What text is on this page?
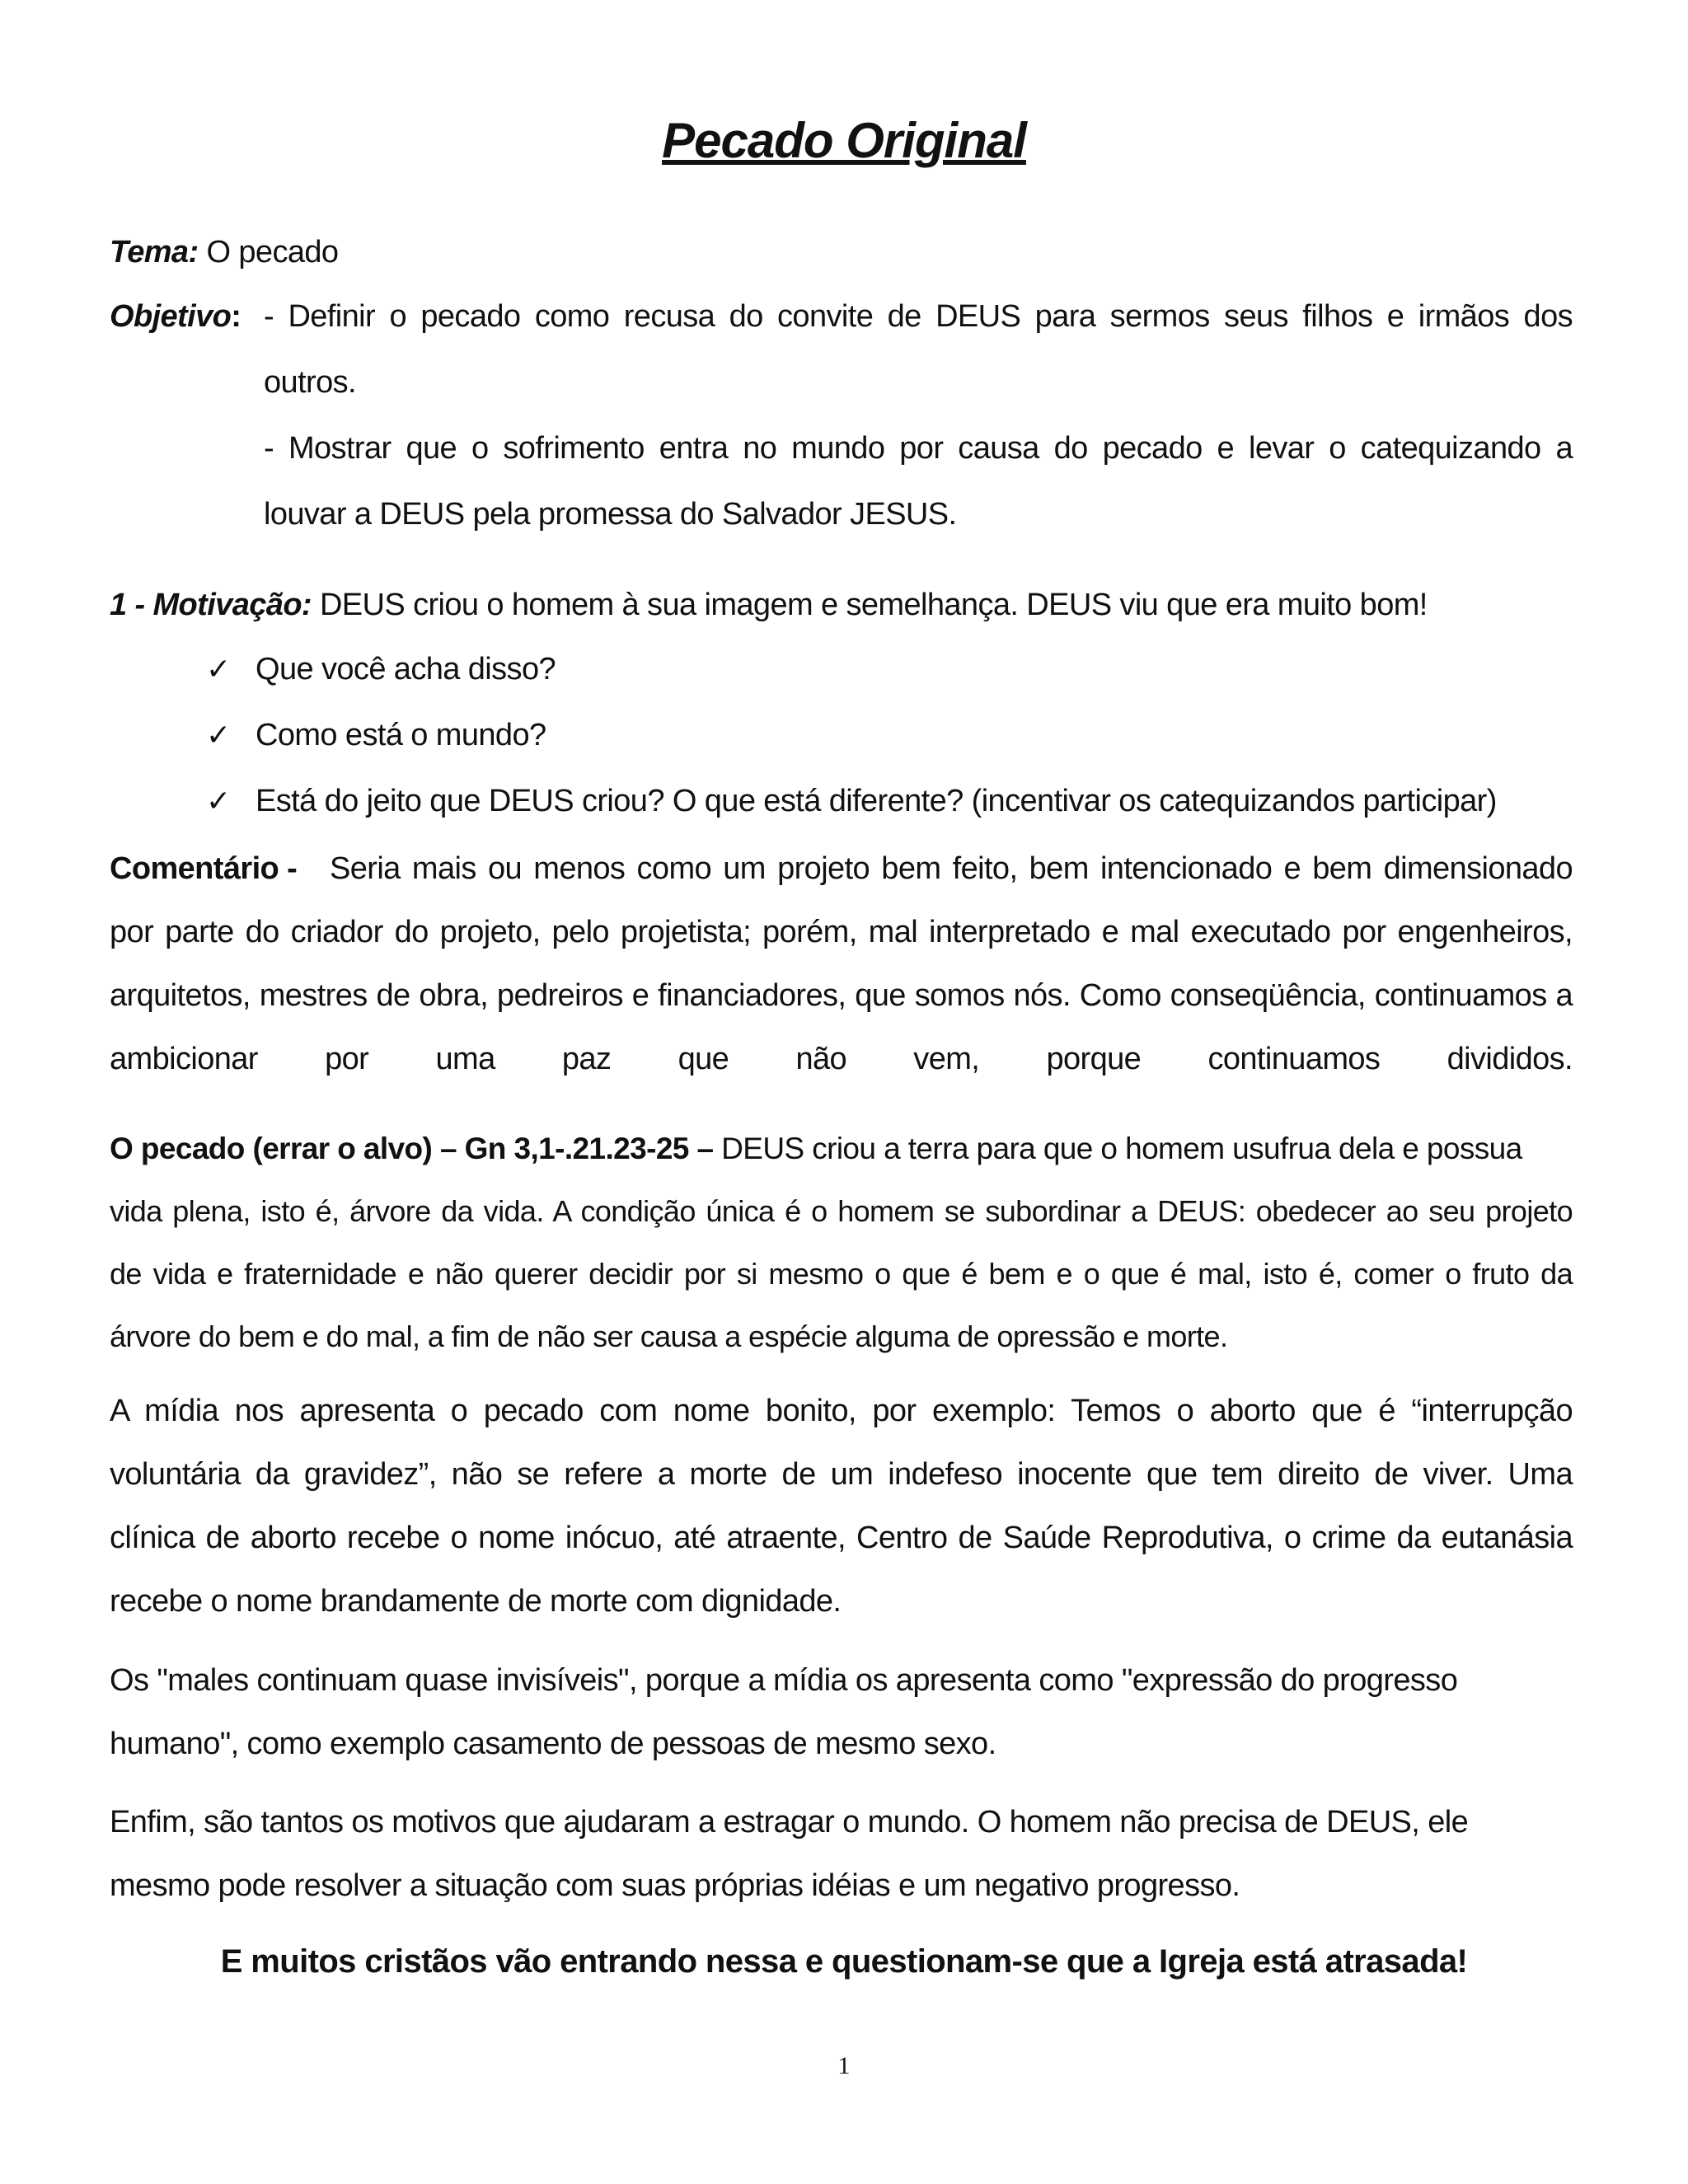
Pecado Original
Tema: O pecado
Objetivo: - Definir o pecado como recusa do convite de DEUS para sermos seus filhos e irmãos dos
outros.
- Mostrar que o sofrimento entra no mundo por causa do pecado e levar o catequizando a
louvar a DEUS pela promessa do Salvador JESUS.
1 - Motivação: DEUS criou o homem à sua imagem e semelhança. DEUS viu que era muito bom!
✓ Que você acha disso?
✓ Como está o mundo?
✓ Está do jeito que DEUS criou? O que está diferente? (incentivar os catequizandos participar)
Comentário - Seria mais ou menos como um projeto bem feito, bem intencionado e bem dimensionado
por parte do criador do projeto, pelo projetista; porém, mal interpretado e mal executado por engenheiros,
arquitetos, mestres de obra, pedreiros e financiadores, que somos nós. Como conseqüência, continuamos a
ambicionar por uma paz que não vem, porque continuamos divididos.
O pecado (errar o alvo) – Gn 3,1-.21.23-25 – DEUS criou a terra para que o homem usufrua dela e possua
vida plena, isto é, árvore da vida. A condição única é o homem se subordinar a DEUS: obedecer ao seu projeto
de vida e fraternidade e não querer decidir por si mesmo o que é bem e o que é mal, isto é, comer o fruto da
árvore do bem e do mal, a fim de não ser causa a espécie alguma de opressão e morte.
A mídia nos apresenta o pecado com nome bonito, por exemplo: Temos o aborto que é “interrupção
voluntária da gravidez”, não se refere a morte de um indefeso inocente que tem direito de viver. Uma
clínica de aborto recebe o nome inócuo, até atraente, Centro de Saúde Reprodutiva, o crime da eutanásia
recebe o nome brandamente de morte com dignidade.
Os "males continuam quase invisíveis", porque a mídia os apresenta como "expressão do progresso
humano", como exemplo casamento de pessoas de mesmo sexo.
Enfim, são tantos os motivos que ajudaram a estragar o mundo. O homem não precisa de DEUS, ele
mesmo pode resolver a situação com suas próprias idéias e um negativo progresso.
E muitos cristãos vão entrando nessa e questionam-se que a Igreja está atrasada!
1
